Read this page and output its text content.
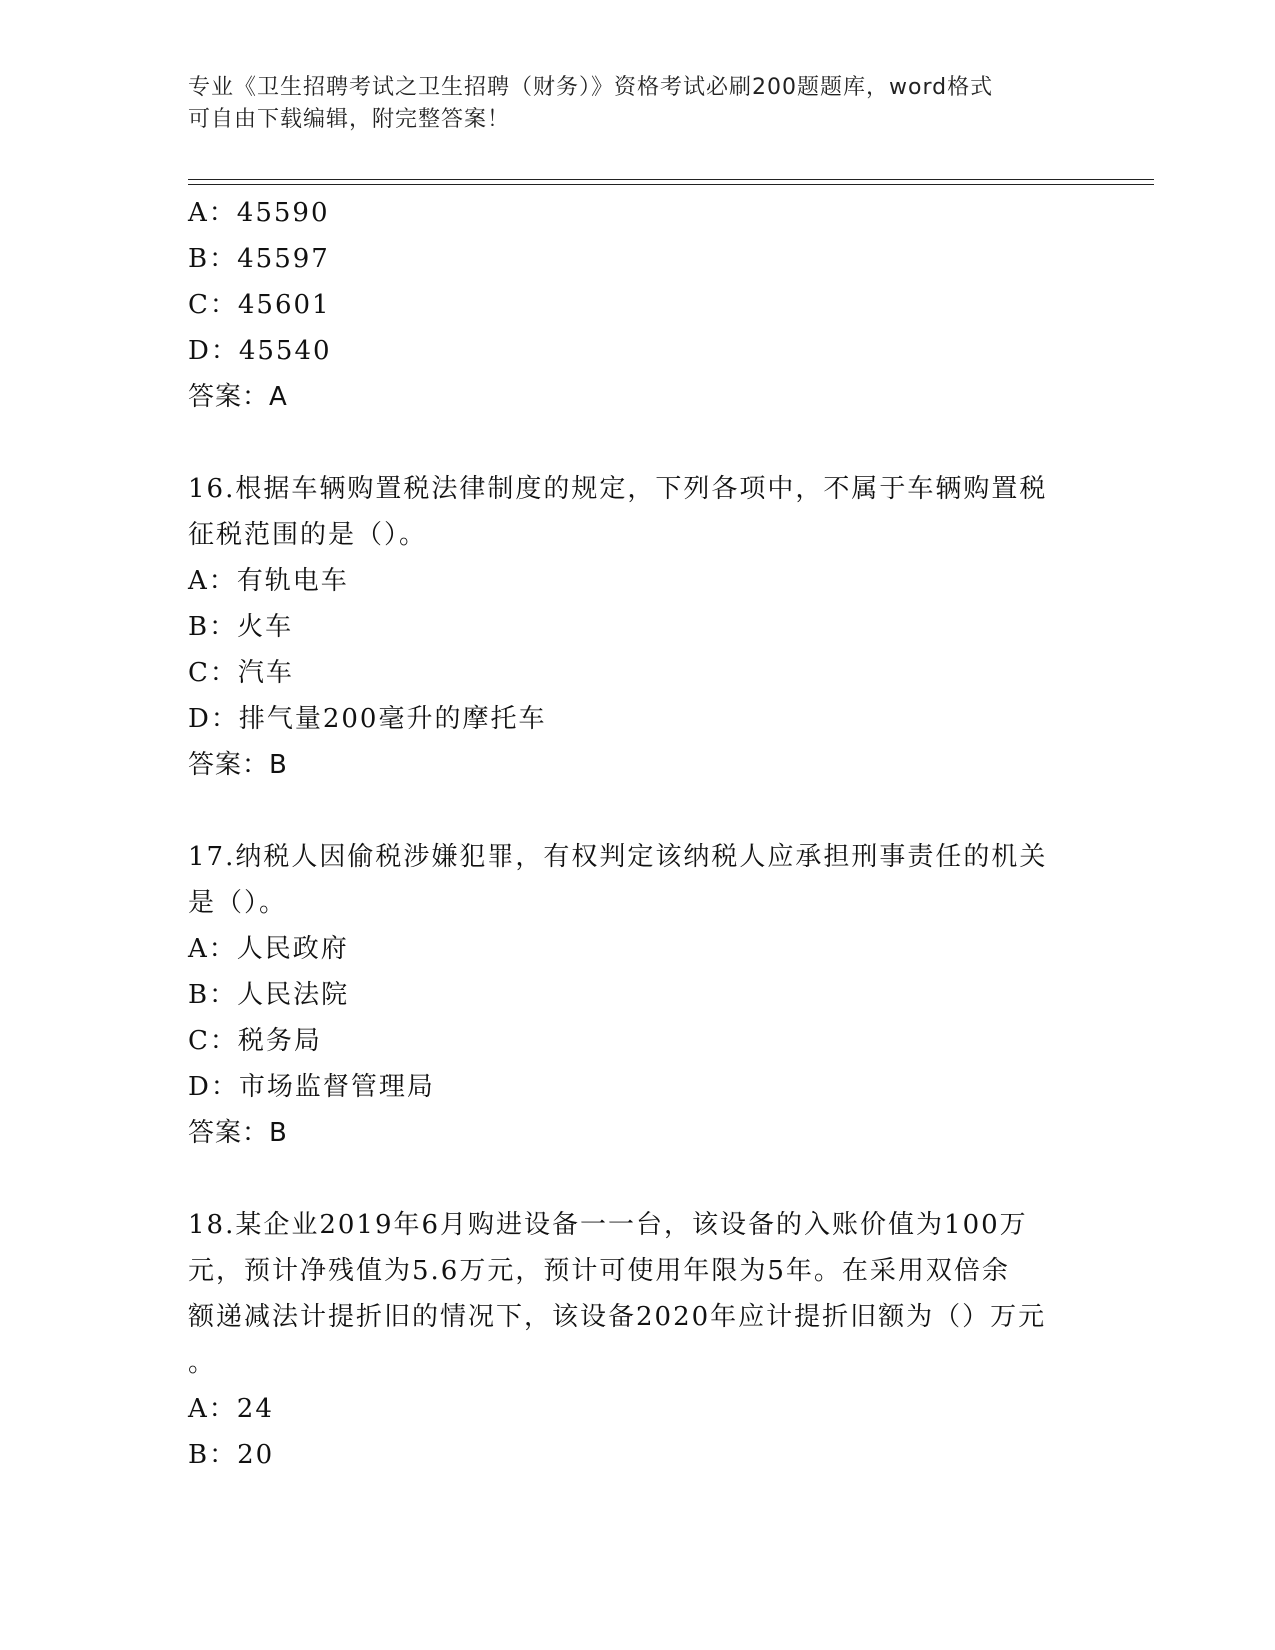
专业《卫生招聘考试之卫生招聘（财务）》资格考试必刷200题题库，word格式
可自由下载编辑，附完整答案！
A：45590
B：45597
C：45601
D：45540
答案：A
16.根据车辆购置税法律制度的规定，下列各项中，不属于车辆购置税
征税范围的是（）。
A：有轨电车
B：火车
C：汽车
D：排气量200毫升的摩托车
答案：B
17.纳税人因偷税涉嫌犯罪，有权判定该纳税人应承担刑事责任的机关
是（）。
A：人民政府
B：人民法院
C：税务局
D：市场监督管理局
答案：B
18.某企业2019年6月购进设备一一台，该设备的入账价值为100万
元，预计净残值为5.6万元，预计可使用年限为5年。在采用双倍余
额递减法计提折旧的情况下，该设备2020年应计提折旧额为（）万元
。
A：24
B：20
